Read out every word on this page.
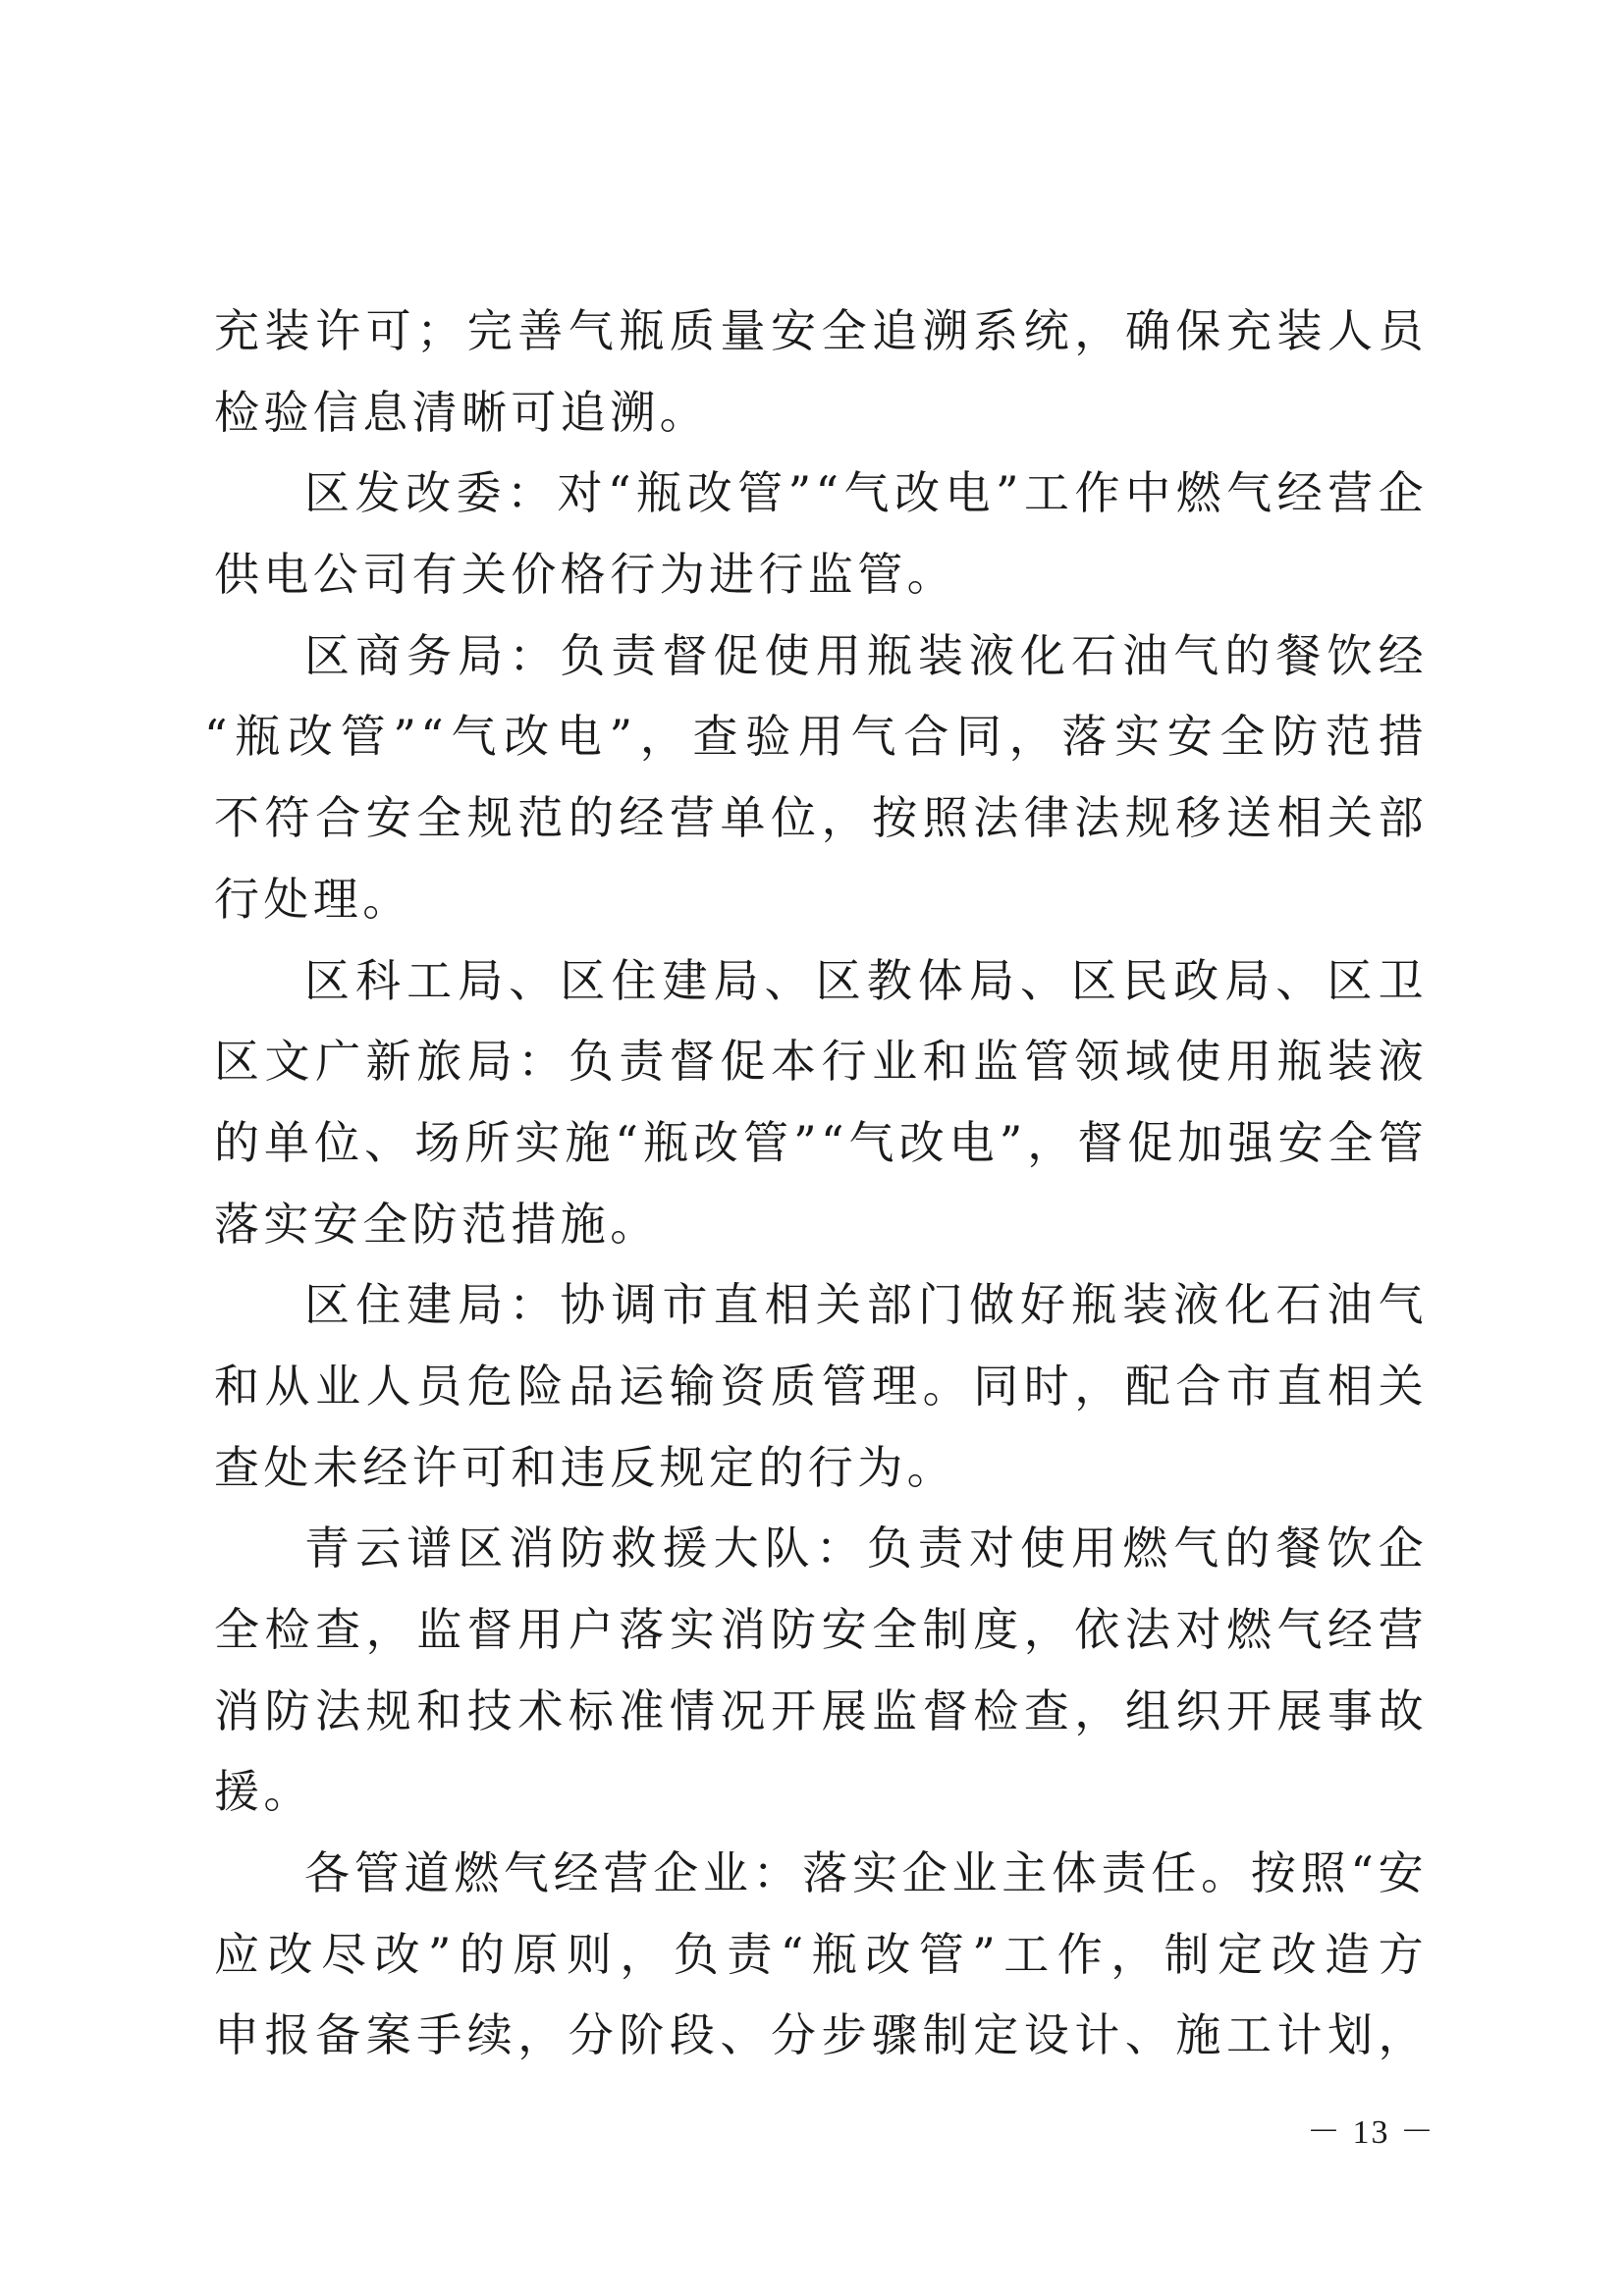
充装许可；完善气瓶质量安全追溯系统，确保充装人员
检验信息清晰可追溯。
区发改委：对“瓶改管”“气改电”工作中燃气经营企
供电公司有关价格行为进行监管。
区商务局：负责督促使用瓶装液化石油气的餐饮经
“瓶改管”“气改电”，查验用气合同，落实安全防范措
不符合安全规范的经营单位，按照法律法规移送相关部
行处理。
区科工局、区住建局、区教体局、区民政局、区卫
区文广新旅局：负责督促本行业和监管领域使用瓶装液
的单位、场所实施“瓶改管”“气改电”，督促加强安全管
落实安全防范措施。
区住建局：协调市直相关部门做好瓶装液化石油气
和从业人员危险品运输资质管理。同时，配合市直相关
查处未经许可和违反规定的行为。
青云谱区消防救援大队：负责对使用燃气的餐饮企
全检查，监督用户落实消防安全制度，依法对燃气经营
消防法规和技术标准情况开展监督检查，组织开展事故
援。
各管道燃气经营企业：落实企业主体责任。按照“安
应改尽改”的原则，负责“瓶改管”工作，制定改造方
申报备案手续，分阶段、分步骤制定设计、施工计划，
－ 13 －
